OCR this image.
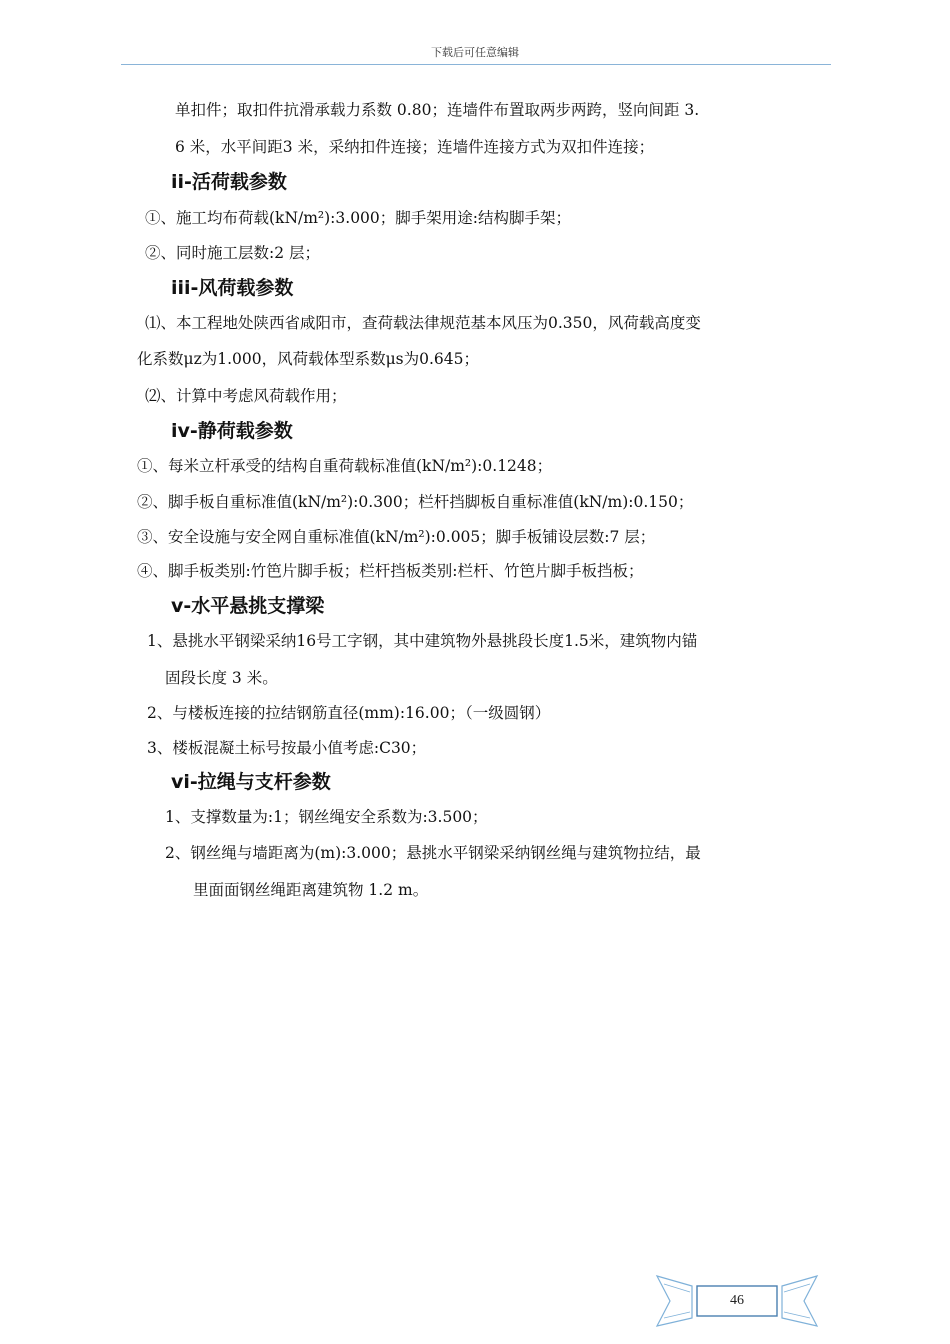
下载后可任意编辑
单扣件；取扣件抗滑承载力系数 0.80；连墙件布置取两步两跨，竖向间距 3.
6 米，水平间距3 米，采纳扣件连接；连墙件连接方式为双扣件连接；
ii-活荷载参数
①、施工均布荷载(kN/m²):3.000；脚手架用途:结构脚手架；
②、同时施工层数:2 层；
iii-风荷载参数
⑴、本工程地处陕西省咸阳市，查荷载法律规范基本风压为0.350，风荷载高度变
化系数μz为1.000，风荷载体型系数μs为0.645；
⑵、计算中考虑风荷载作用；
iv-静荷载参数
①、每米立杆承受的结构自重荷载标准值(kN/m²):0.1248；
②、脚手板自重标准值(kN/m²):0.300；栏杆挡脚板自重标准值(kN/m):0.150；
③、安全设施与安全网自重标准值(kN/m²):0.005；脚手板铺设层数:7 层；
④、脚手板类别:竹笆片脚手板；栏杆挡板类别:栏杆、竹笆片脚手板挡板；
v-水平悬挑支撑梁
1、悬挑水平钢梁采纳16号工字钢，其中建筑物外悬挑段长度1.5米，建筑物内锚
固段长度 3 米。
2、与楼板连接的拉结钢筋直径(mm):16.00；（一级圆钢）
3、楼板混凝土标号按最小值考虑:C30；
vi-拉绳与支杆参数
1、支撑数量为:1；钢丝绳安全系数为:3.500；
2、钢丝绳与墙距离为(m):3.000；悬挑水平钢梁采纳钢丝绳与建筑物拉结，最
里面面钢丝绳距离建筑物 1.2 m。
46
